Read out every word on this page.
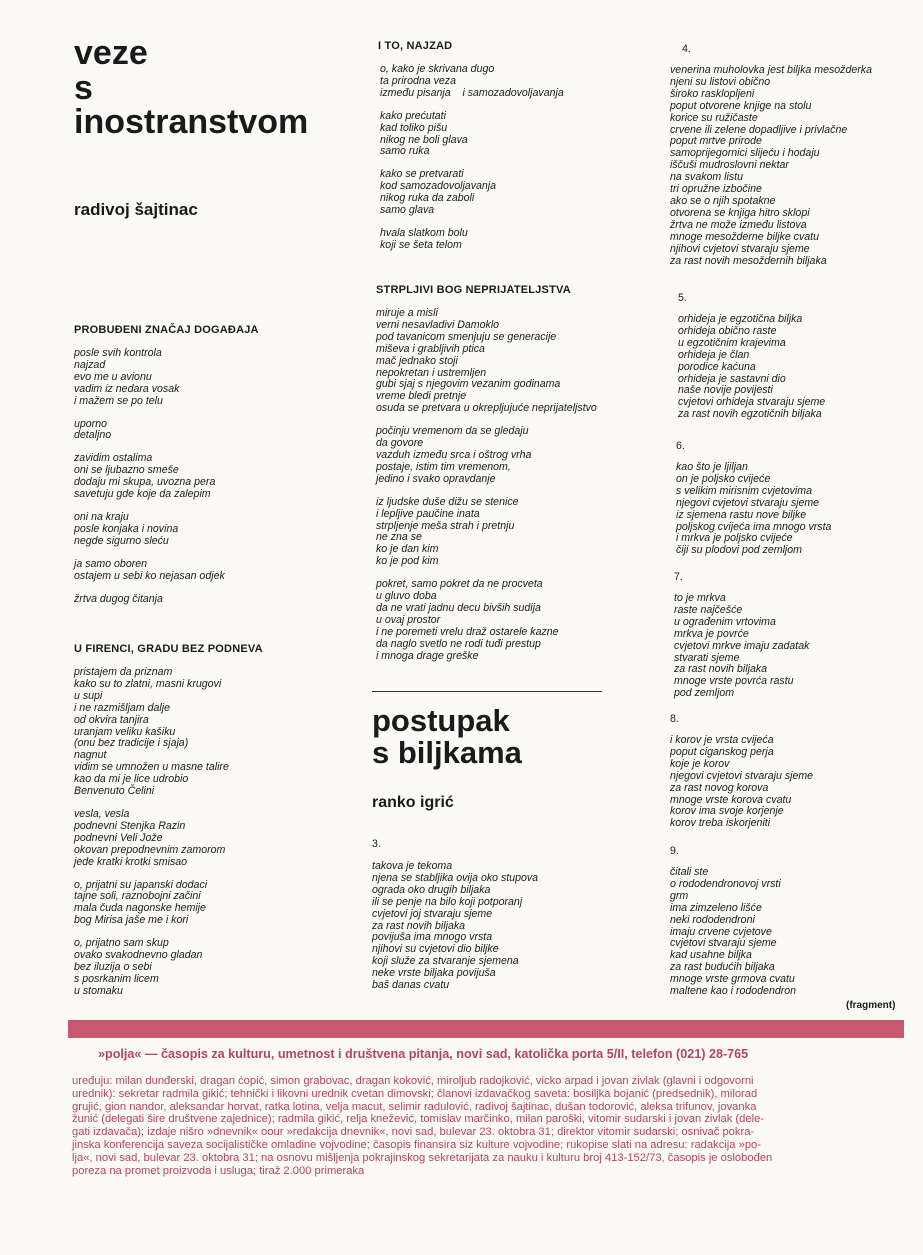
veze
s
inostranstvom
radivoj šajtinac
PROBUĐENI ZNAČAJ DOGAĐAJA
posle svih kontrola
najzad
evo me u avionu
vadim iz nedara vosak
i mažem se po telu
uporno
detaljno
zavidim ostalima
oni se ljubazno smeše
dodaju mi skupa, uvozna pera
savetuju gde koje da zalepim
oni na kraju
posle konjaka i novina
negde sigurno sleću
ja samo oboren
ostajem u sebi ko nejasan odjek
žrtva dugog čitanja
U FIRENCI, GRADU BEZ PODNEVA
pristajem da priznam
kako su to zlatni, masni krugovi
u supi
i ne razmišljam dalje
od okvira tanjira
uranjam veliku kašiku
(onu bez tradicije i sjaja)
nagnut
vidim se umnožen u masne talire
kao da mi je lice udrobio
Benvenuto Čelini
vesla, vesla
podnevni Stenjka Razin
podnevni Veli Jože
okovan prepodnevnim zamorom
jede kratki krotki smisao
o, prijatni su japanski dodaci
tajne soli, raznobojni začini
mala čuda nagonske hemije
bog Mirisa jaše me i kori
o, prijatno sam skup
ovako svakodnevno gladan
bez iluzija o sebi
s posrkanim licem
u stomaku
I TO, NAJZAD
o, kako je skrivana dugo
ta prirodna veza
između pisanja    i samozadovoljavanja
kako prećutati
kad toliko pišu
nikog ne boli glava
samo ruka
kako se pretvarati
kod samozadovoljavanja
nikog ruka da zaboli
samo glava
hvala slatkom bolu
koji se šeta telom
STRPLJIVI BOG NEPRIJATELJSTVA
miruje a misli
verni nesavladivi Damoklo
pod tavanicom smenjuju se generacije
miševa i grabljivih ptica
mač jednako stoji
nepokretan i ustremljen
gubi sjaj s njegovim vezanim godinama
vreme bledi pretnje
osuda se pretvara u okrepljujuće neprijateljstvo
počinju vremenom da se gledaju
da govore
vazduh između srca i oštrog vrha
postaje, istim tim vremenom,
jedino i svako opravdanje
iz ljudske duše dižu se stenice
i lepljive paučine inata
strpljenje meša strah i pretnju
ne zna se
ko je dan kim
ko je pod kim
pokret, samo pokret da ne procveta
u gluvo doba
da ne vrati jadnu decu bivših sudija
u ovaj prostor
i ne poremeti vrelu draž ostarele kazne
da naglo svetlo ne rodi tuđi prestup
i mnoga drage greške
postupak
s biljkama
ranko igrić
3.
takova je tekoma
njena se stabljika ovija oko stupova
ograda oko drugih biljaka
ili se penje na bilo koji potporanj
cvjetovi joj stvaraju sjeme
za rast novih biljaka
povijuša ima mnogo vrsta
njihovi su cvjetovi dio biljke
koji služe za stvaranje sjemena
neke vrste biljaka povijuša
baš danas cvatu
4.
venerina muholovka jest biljka mesožderka
njeni su listovi obično
široko rasklopljeni
poput otvorene knjige na stolu
korice su ružičaste
crvene ili zelene dopadljive i privlačne
poput mrtve prirode
samoprijegornici slijeću i hodaju
iščuši mudroslovni nektar
na svakom listu
tri opružne izbočine
ako se o njih spotakne
otvorena se knjiga hitro sklopi
žrtva ne može između listova
mnoge mesožderne biljke cvatu
njihovi cvjetovi stvaraju sjeme
za rast novih mesoždernih biljaka
5.
orhideja je egzotična biljka
orhideja obično raste
u egzotičnim krajevima
orhideja je član
porodice kaćuna
orhideja je sastavni dio
naše novije povijesti
cvjetovi orhideja stvaraju sjeme
za rast novih egzotičnih biljaka
6.
kao što je ljiljan
on je poljsko cvijeće
s velikim mirisnim cvjetovima
njegovi cvjetovi stvaraju sjeme
iz sjemena rastu nove biljke
poljskog cvijeća ima mnogo vrsta
i mrkva je poljsko cvijeće
čiji su plodovi pod zemljom
7.
to je mrkva
raste najčešće
u ograđenim vrtovima
mrkva je povrće
cvjetovi mrkve imaju zadatak
stvarati sjeme
za rast novih biljaka
mnoge vrste povrća rastu
pod zemljom
8.
i korov je vrsta cvijeća
poput ciganskog perja
koje je korov
njegovi cvjetovi stvaraju sjeme
za rast novog korova
mnoge vrste korova cvatu
korov ima svoje korjenje
korov treba iskorjeniti
9.
čitali ste
o rododendronovoj vrsti
grm
ima zimzeleno lišće
neki rododendroni
imaju crvene cvjetove
cvjetovi stvaraju sjeme
kad usahne biljka
za rast budućih biljaka
mnoge vrste grmova cvatu
maltene kao i rododendron
(fragment)
»polja« — časopis za kulturu, umetnost i društvena pitanja, novi sad, katolička porta 5/II, telefon (021) 28-765
uređuju: milan dunđerski, dragan ćopić, simon grabovac, dragan koković, miroljub radojković, vicko arpad i jovan zivlak (glavni i odgovorni
urednik): sekretar radmila gikić; tehnički i likovni urednik cvetan dimovski; članovi izdavačkog saveta: bosiljka bojanić (predsednik), milorad
grujić, gion nandor, aleksandar horvat, ratka lotina, velja macut, selimir radulović, radivoj šajtinac, dušan todorović, aleksa trifunov, jovanka
žunić (delegati šire društvene zajednice); radmila gikić, relja knežević, tomislav marčinko, milan paroški, vitomir sudarski i jovan zivlak (dele-
gati izdavača); izdaje nišro »dnevnik« oour »redakcija dnevnik«, novi sad, bulevar 23. oktobra 31; direktor vitomir sudarski; osnivač pokra-
jinska konferencija saveza socijalističke omladine vojvodine; časopis finansira siz kulture vojvodine; rukopise slati na adresu: radakcija »po-
lja«, novi sad, bulevar 23. oktobra 31; na osnovu mišljenja pokrajinskog sekretarijata za nauku i kulturu broj 413-152/73, časopis je oslobođen
poreza na promet proizvoda i usluga; tiraž 2.000 primeraka
